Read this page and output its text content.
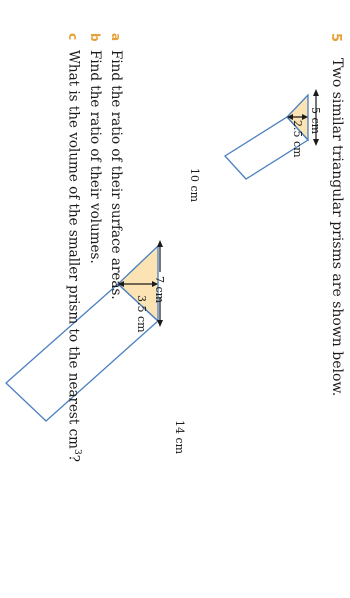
5
Two similar triangular prisms are shown below.
2.5 cm 5 cm
10 cm
3.5 cm
7 cm
14 cm
aFind the ratio of their surface areas.
bFind the ratio of their volumes.
cWhat is the volume of the smaller prism to the nearest $cm^3$?
